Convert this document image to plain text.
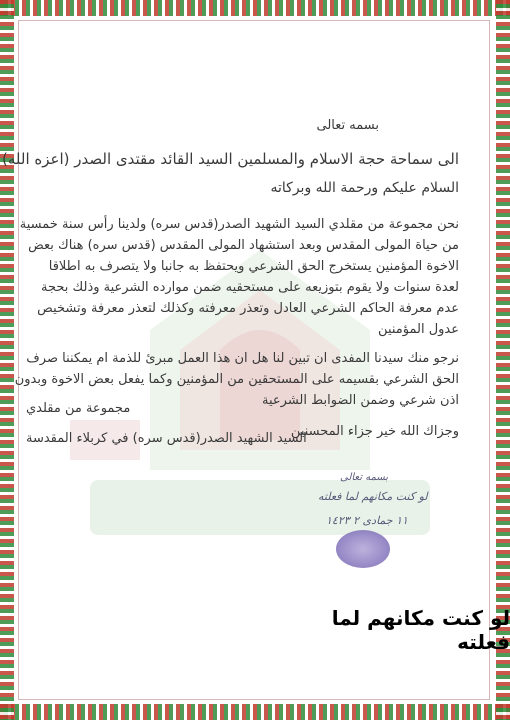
بسمه تعالى
الى سماحة حجة الاسلام والمسلمين السيد القائد مقتدى الصدر (اعزه الله)
السلام عليكم ورحمة الله وبركاته
نحن مجموعة من مقلدي السيد الشهيد الصدر(قدس سره) ولدينا رأس سنة خمسية
من حياة المولى المقدس وبعد استشهاد المولى المقدس (قدس سره) هناك بعض
الاخوة المؤمنين يستخرج الحق الشرعي ويحتفظ به جانبا ولا يتصرف به اطلاقا
لعدة سنوات ولا يقوم بتوزيعه على مستحقيه ضمن موارده الشرعية وذلك بحجة
عدم معرفة الحاكم الشرعي العادل وتعذر معرفته وكذلك لتعذر معرفة وتشخيص
عدول المؤمنين
نرجو منك سيدنا المفدى ان تبين لنا هل ان هذا العمل مبرئ للذمة ام يمكننا صرف
الحق الشرعي بقسيمه على المستحقين من المؤمنين وكما يفعل بعض الاخوة وبدون
اذن شرعي وضمن الضوابط الشرعية
وجزاك الله خير جزاء المحسنين
مجموعة من مقلدي
السيد الشهيد الصدر(قدس سره) في كربلاء المقدسة
بسمه تعالى
لو كنت مكانهم لما فعلته
١١ جمادى ٢ ١٤٢٣
لو كنت مكانهم لما فعلته
